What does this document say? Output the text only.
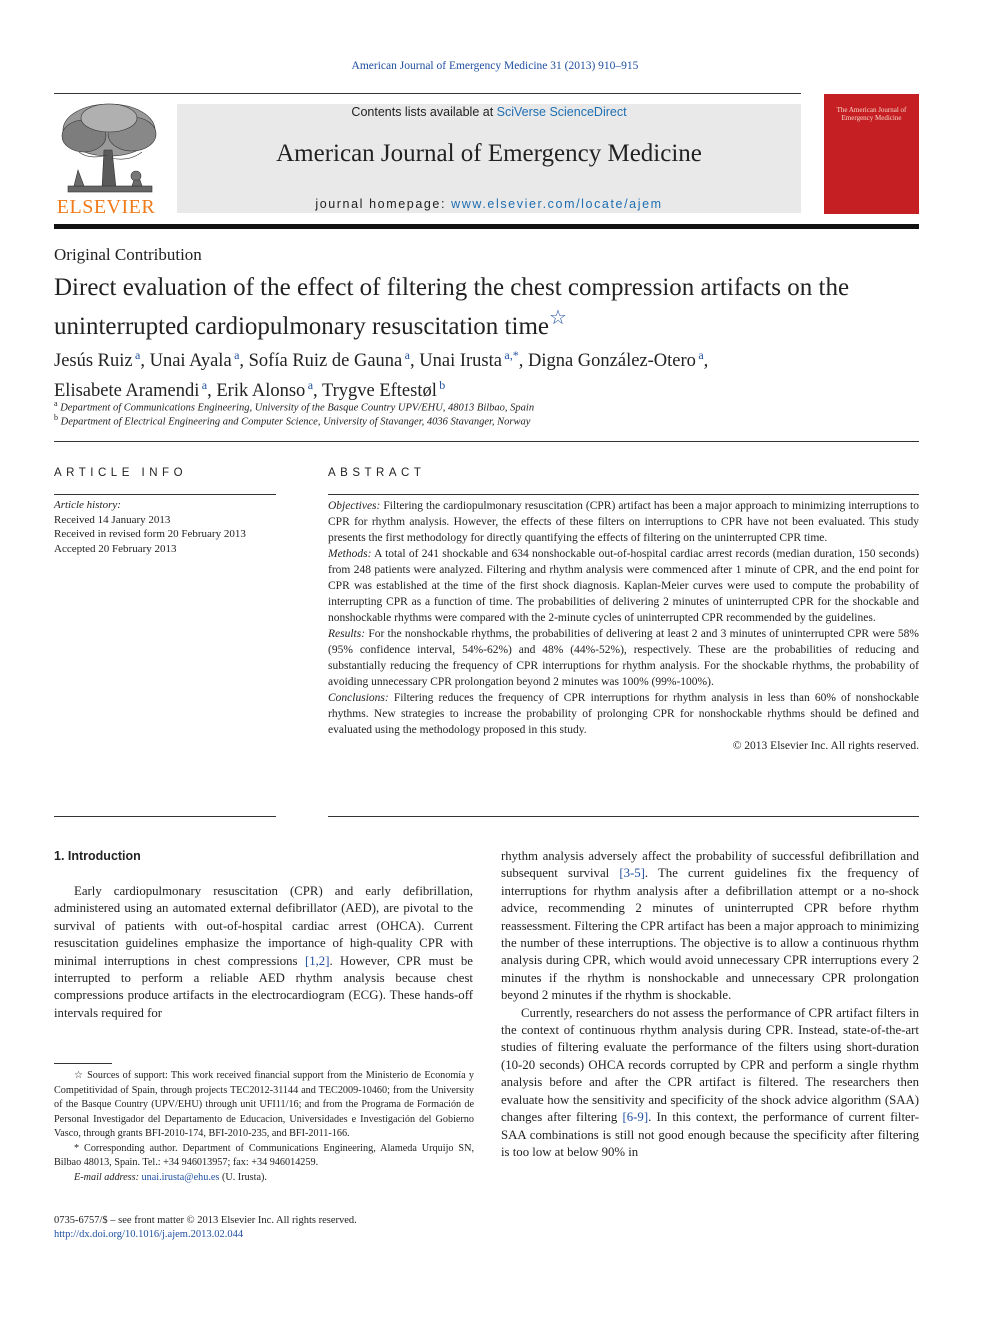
American Journal of Emergency Medicine 31 (2013) 910–915
ELSEVIER
Contents lists available at SciVerse ScienceDirect
American Journal of Emergency Medicine
journal homepage: www.elsevier.com/locate/ajem
The American Journal of Emergency Medicine
Original Contribution
Direct evaluation of the effect of filtering the chest compression artifacts on the uninterrupted cardiopulmonary resuscitation time☆
Jesús Ruiz  $^a$, Unai Ayala  $^a$, Sofía Ruiz de Gauna  $^a$, Unai Irusta  $^{a,*}$, Digna González-Otero  $^a$,
Elisabete Aramendi  $^a$, Erik Alonso  $^a$, Trygve Eftestøl  $^b$
$^a$ Department of Communications Engineering, University of the Basque Country UPV/EHU, 48013 Bilbao, Spain
$^b$ Department of Electrical Engineering and Computer Science, University of Stavanger, 4036 Stavanger, Norway
ARTICLE INFO	ABSTRACT
Article history:
Received 14 January 2013
Received in revised form 20 February 2013
Accepted 20 February 2013

Objectives: Filtering the cardiopulmonary resuscitation (CPR) artifact has been a major approach to minimizing interruptions to CPR for rhythm analysis. However, the effects of these filters on interruptions to CPR have not been evaluated. This study presents the first methodology for directly quantifying the effects of filtering on the uninterrupted CPR time.

Methods: A total of 241 shockable and 634 nonshockable out-of-hospital cardiac arrest records (median duration, 150 seconds) from 248 patients were analyzed. Filtering and rhythm analysis were commenced after 1 minute of CPR, and the end point for CPR was established at the time of the first shock diagnosis. Kaplan-Meier curves were used to compute the probability of interrupting CPR as a function of time. The probabilities of delivering 2 minutes of uninterrupted CPR for the shockable and nonshockable rhythms were compared with the 2-minute cycles of uninterrupted CPR recommended by the guidelines.

Results: For the nonshockable rhythms, the probabilities of delivering at least 2 and 3 minutes of uninterrupted CPR were 58% (95% confidence interval, 54%-62%) and 48% (44%-52%), respectively. These are the probabilities of reducing and substantially reducing the frequency of CPR interruptions for rhythm analysis. For the shockable rhythms, the probability of avoiding unnecessary CPR prolongation beyond 2 minutes was 100% (99%-100%).

Conclusions: Filtering reduces the frequency of CPR interruptions for rhythm analysis in less than 60% of nonshockable rhythms. New strategies to increase the probability of prolonging CPR for nonshockable rhythms should be defined and evaluated using the methodology proposed in this study.

© 2013 Elsevier Inc. All rights reserved.

1. Introduction

Early cardiopulmonary resuscitation (CPR) and early defibrillation, administered using an automated external defibrillator (AED), are pivotal to the survival of patients with out-of-hospital cardiac arrest (OHCA). Current resuscitation guidelines emphasize the importance of high-quality CPR with minimal interruptions in chest compressions [1,2]. However, CPR must be interrupted to perform a reliable AED rhythm analysis because chest compressions produce artifacts in the electrocardiogram (ECG). These hands-off intervals required for

rhythm analysis adversely affect the probability of successful defibrillation and subsequent survival [3-5]. The current guidelines fix the frequency of interruptions for rhythm analysis after a defibrillation attempt or a no-shock advice, recommending 2 minutes of uninterrupted CPR before rhythm reassessment. Filtering the CPR artifact has been a major approach to minimizing the number of these interruptions. The objective is to allow a continuous rhythm analysis during CPR, which would avoid unnecessary CPR interruptions every 2 minutes if the rhythm is nonshockable and unnecessary CPR prolongation beyond 2 minutes if the rhythm is shockable.

Currently, researchers do not assess the performance of CPR artifact filters in the context of continuous rhythm analysis during CPR. Instead, state-of-the-art studies of filtering evaluate the performance of the filters using short-duration (10-20 seconds) OHCA records corrupted by CPR and perform a single rhythm analysis before and after the CPR artifact is filtered. The researchers then evaluate how the sensitivity and specificity of the shock advice algorithm (SAA) changes after filtering [6-9]. In this context, the performance of current filter-SAA combinations is still not good enough because the specificity after filtering is too low at below 90% in

☆ Sources of support: This work received financial support from the Ministerio de Economía y Competitividad of Spain, through projects TEC2012-31144 and TEC2009-10460; from the University of the Basque Country (UPV/EHU) through unit UFI11/16; and from the Programa de Formación de Personal Investigador del Departamento de Educacion, Universidades e Investigación del Gobierno Vasco, through grants BFI-2010-174, BFI-2010-235, and BFI-2011-166.

* Corresponding author. Department of Communications Engineering, Alameda Urquijo SN, Bilbao 48013, Spain. Tel.: +34 946013957; fax: +34 946014259.

E-mail address: unai.irusta@ehu.es (U. Irusta).

0735-6757/$ – see front matter © 2013 Elsevier Inc. All rights reserved.

http://dx.doi.org/10.1016/j.ajem.2013.02.044
